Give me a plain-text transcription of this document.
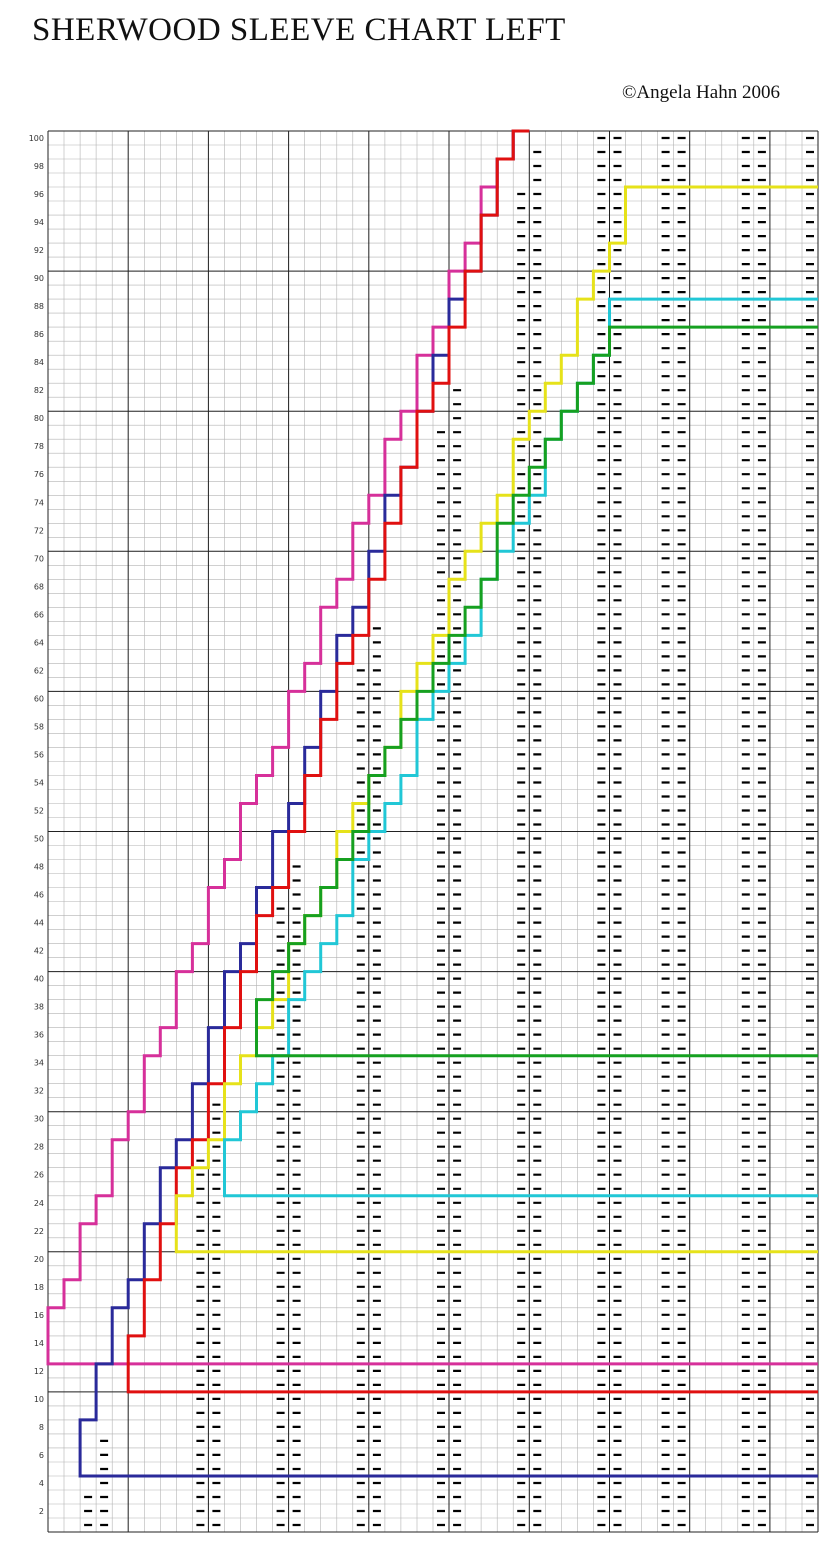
SHERWOOD SLEEVE CHART LEFT
©Angela Hahn 2006
2
4
6
8
10
12
14
16
18
20
22
24
26
28
30
32
34
36
38
40
42
44
46
48
50
52
54
56
58
60
62
64
66
68
70
72
74
76
78
80
82
84
86
88
90
92
94
96
98
100
